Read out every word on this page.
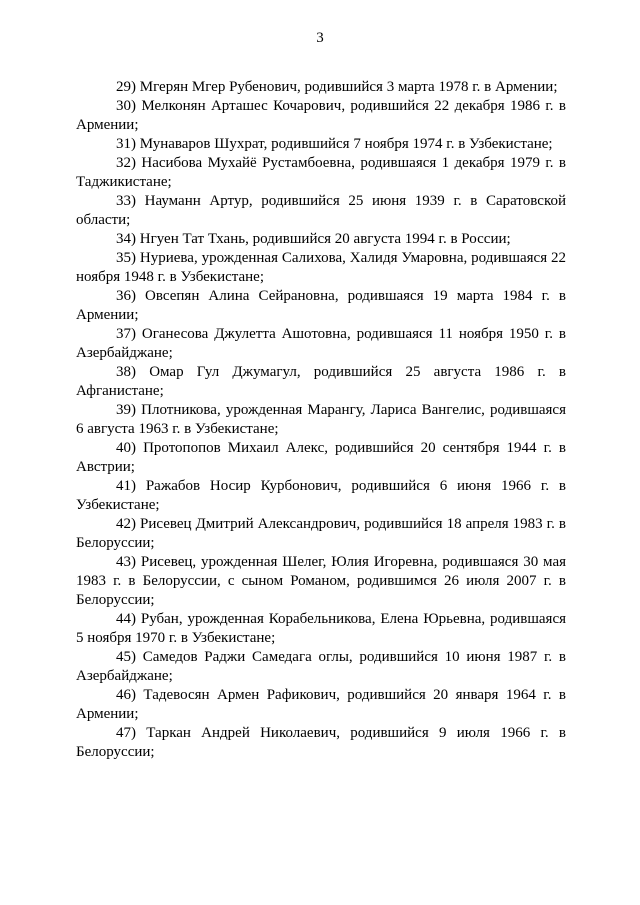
3

29) Мгерян Мгер Рубенович, родившийся 3 марта 1978 г. в Армении;

30) Мелконян Арташес Кочарович, родившийся 22 декабря 1986 г. в Армении;

31) Мунаваров Шухрат, родившийся 7 ноября 1974 г. в Узбекистане;

32) Насибова Мухайё Рустамбоевна, родившаяся 1 декабря 1979 г. в Таджикистане;

33) Науманн Артур, родившийся 25 июня 1939 г. в Саратовской области;

34) Нгуен Тат Тхань, родившийся 20 августа 1994 г. в России;

35) Нуриева, урожденная Салихова, Халидя Умаровна, родившаяся 22 ноября 1948 г. в Узбекистане;

36) Овсепян Алина Сейрановна, родившаяся 19 марта 1984 г. в Армении;

37) Оганесова Джулетта Ашотовна, родившаяся 11 ноября 1950 г. в Азербайджане;

38) Омар Гул Джумагул, родившийся 25 августа 1986 г. в Афганистане;

39) Плотникова, урожденная Марангу, Лариса Вангелис, родившаяся 6 августа 1963 г. в Узбекистане;

40) Протопопов Михаил Алекс, родившийся 20 сентября 1944 г. в Австрии;

41) Ражабов Носир Курбонович, родившийся 6 июня 1966 г. в Узбекистане;

42) Рисевец Дмитрий Александрович, родившийся 18 апреля 1983 г. в Белоруссии;

43) Рисевец, урожденная Шелег, Юлия Игоревна, родившаяся 30 мая 1983 г. в Белоруссии, с сыном Романом, родившимся 26 июля 2007 г. в Белоруссии;

44) Рубан, урожденная Корабельникова, Елена Юрьевна, родившаяся 5 ноября 1970 г. в Узбекистане;

45) Самедов Раджи Самедага оглы, родившийся 10 июня 1987 г. в Азербайджане;

46) Тадевосян Армен Рафикович, родившийся 20 января 1964 г. в Армении;

47) Таркан Андрей Николаевич, родившийся 9 июля 1966 г. в Белоруссии;
